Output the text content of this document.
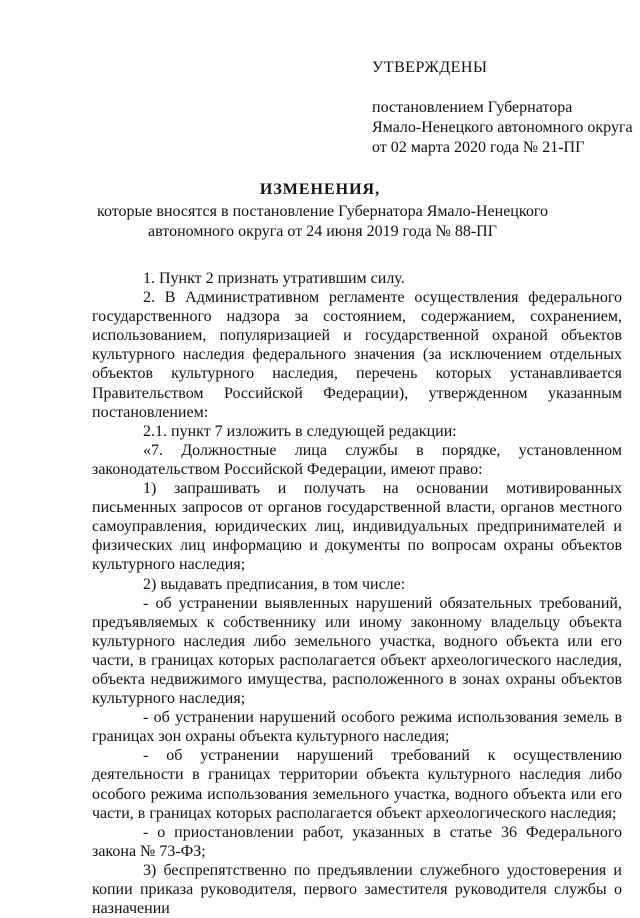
УТВЕРЖДЕНЫ
постановлением Губернатора
Ямало-Ненецкого автономного округа
от 02 марта 2020 года № 21-ПГ
ИЗМЕНЕНИЯ,
которые вносятся в постановление Губернатора Ямало-Ненецкого автономного округа от 24 июня 2019 года № 88-ПГ

1. Пункт 2 признать утратившим силу.

2. В Административном регламенте осуществления федерального государственного надзора за состоянием, содержанием, сохранением, использованием, популяризацией и государственной охраной объектов культурного наследия федерального значения (за исключением отдельных объектов культурного наследия, перечень которых устанавливается Правительством Российской Федерации), утвержденном указанным постановлением:

2.1. пункт 7 изложить в следующей редакции:

«7. Должностные лица службы в порядке, установленном законодательством Российской Федерации, имеют право:

1) запрашивать и получать на основании мотивированных письменных запросов от органов государственной власти, органов местного самоуправления, юридических лиц, индивидуальных предпринимателей и физических лиц информацию и документы по вопросам охраны объектов культурного наследия;

2) выдавать предписания, в том числе:

- об устранении выявленных нарушений обязательных требований, предъявляемых к собственнику или иному законному владельцу объекта культурного наследия либо земельного участка, водного объекта или его части, в границах которых располагается объект археологического наследия, объекта недвижимого имущества, расположенного в зонах охраны объектов культурного наследия;

- об устранении нарушений особого режима использования земель в границах зон охраны объекта культурного наследия;

- об устранении нарушений требований к осуществлению деятельности в границах территории объекта культурного наследия либо особого режима использования земельного участка, водного объекта или его части, в границах которых располагается объект археологического наследия;

- о приостановлении работ, указанных в статье 36 Федерального закона № 73-ФЗ;

3) беспрепятственно по предъявлении служебного удостоверения и копии приказа руководителя, первого заместителя руководителя службы о назначении
